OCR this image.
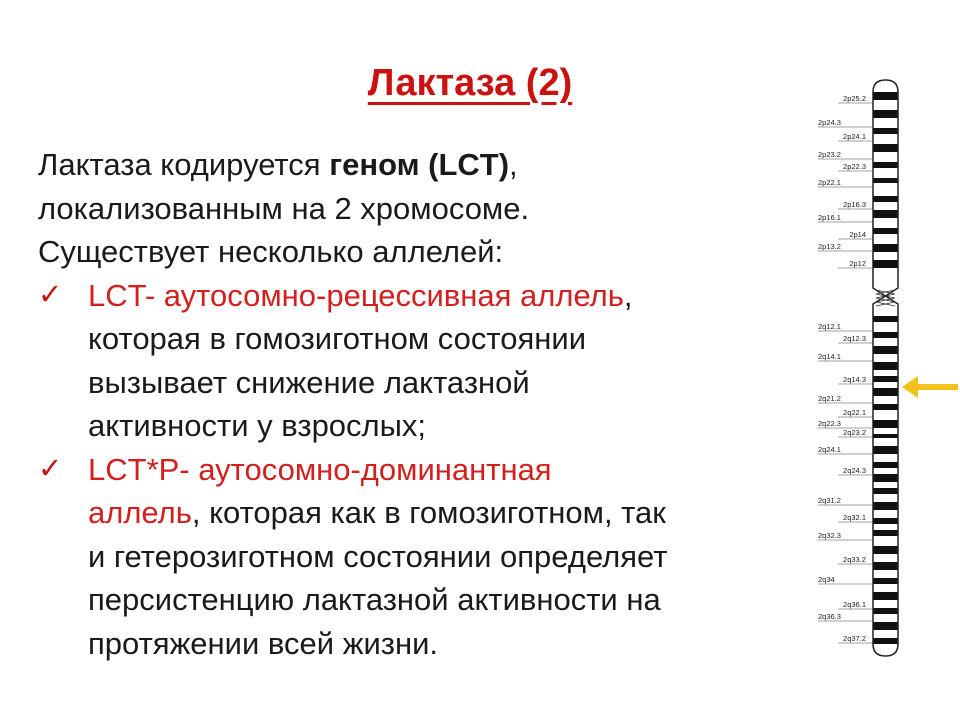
Лактаза (2)
Лактаза кодируется геном (LCT),
локализованным на 2 хромосоме.
Существует несколько аллелей:
✓ LCT- аутосомно-рецессивная аллель,
которая в гомозиготном состоянии
вызывает снижение лактазной
активности у взрослых;
✓ LCT*P- аутосомно-доминантная
аллель, которая как в гомозиготном, так
и гетерозиготном состоянии определяет
персистенцию лактазной активности на
протяжении всей жизни.
2p24.3
2p23.2
2p22.1
2p16.1
2p13.2
2q12.1
2q14.1
2q21.2
2q22.3
2q24.1
2q31.2
2q32.3
2q34
2q36.3
2p25.2
2p24.1
2p22.3
2p16.3
2p14
2p12
2q12.3
2q14.3
2q22.1
2q23.2
2q24.3
2q32.1
2q33.2
2q36.1
2q37.2
